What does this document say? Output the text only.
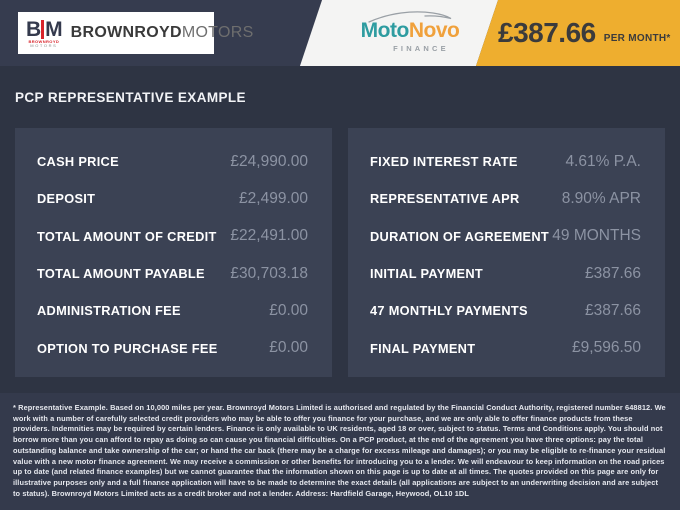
B M
BROWNROYD
MOTORS
BROWNROYDMOTORS	MotoNovo
FINANCE
£387.66 PER MONTH*
PCP REPRESENTATIVE EXAMPLE
CASH PRICE	£24,990.00
DEPOSIT	£2,499.00
TOTAL AMOUNT OF CREDIT £22,491.00
TOTAL AMOUNT PAYABLE £30,703.18
ADMINISTRATION FEE	£0.00
OPTION TO PURCHASE FEE	£0.00
FIXED INTEREST RATE	4.61% P.A.
REPRESENTATIVE APR	8.90% APR
DURATION OF AGREEMENT 49 MONTHS
INITIAL PAYMENT	£387.66
47 MONTHLY PAYMENTS	£387.66
FINAL PAYMENT	£9,596.50

* Representative Example. Based on 10,000 miles per year. Brownroyd Motors Limited is authorised and regulated by the Financial Conduct Authority, registered number 648812. We work with a number of carefully selected credit providers who may be able to offer you finance for your purchase, and we are only able to offer finance products from these providers. Indemnities may be required by certain lenders. Finance is only available to UK residents, aged 18 or over, subject to status. Terms and Conditions apply. You should not borrow more than you can afford to repay as doing so can cause you financial difficulties. On a PCP product, at the end of the agreement you have three options: pay the total outstanding balance and take ownership of the car; or hand the car back (there may be a charge for excess mileage and damages); or you may be eligible to re-finance your residual value with a new motor finance agreement. We may receive a commission or other benefits for introducing you to a lender. We will endeavour to keep information on the road prices up to date (and related finance examples) but we cannot guarantee that the information shown on this page is up to date at all times. The quotes provided on this page are only for illustrative purposes only and a full finance application will have to be made to determine the exact details (all applications are subject to an underwriting decision and are subject to status). Brownroyd Motors Limited acts as a credit broker and not a lender. Address: Hardfield Garage, Heywood, OL10 1DL
